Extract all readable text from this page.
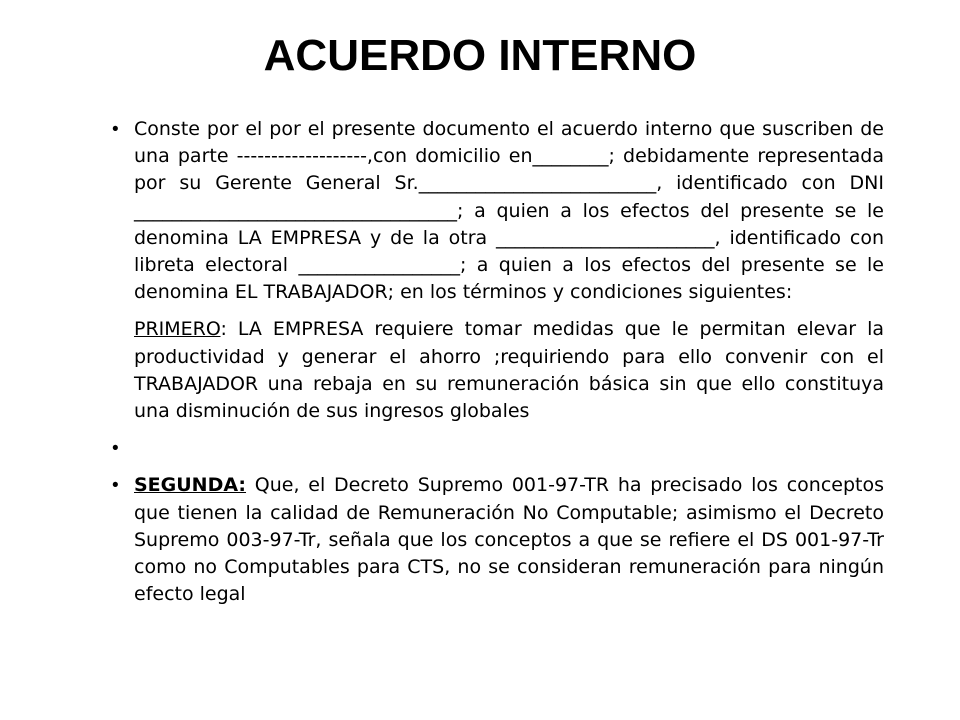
ACUERDO INTERNO
• Conste por el por el presente documento el acuerdo interno que suscriben de una parte -------------------,con domicilio en________; debidamente representada por su Gerente General Sr._________________________, identificado con DNI __________________________________; a quien a los efectos del presente se le denomina LA EMPRESA y de la otra _______________________, identificado con libreta electoral _________________; a quien a los efectos del presente se le denomina EL TRABAJADOR; en los términos y condiciones siguientes:

PRIMERO: LA EMPRESA requiere tomar medidas que le permitan elevar la productividad y generar el ahorro ;requiriendo para ello convenir con el TRABAJADOR una rebaja en su remuneración básica sin que ello constituya una disminución de sus ingresos globales

•

• SEGUNDA: Que, el Decreto Supremo 001-97-TR ha precisado los conceptos que tienen la calidad de Remuneración No Computable; asimismo el Decreto Supremo 003-97-Tr, señala que los conceptos a que se refiere el DS 001-97-Tr como no Computables para CTS, no se consideran remuneración para ningún efecto legal
